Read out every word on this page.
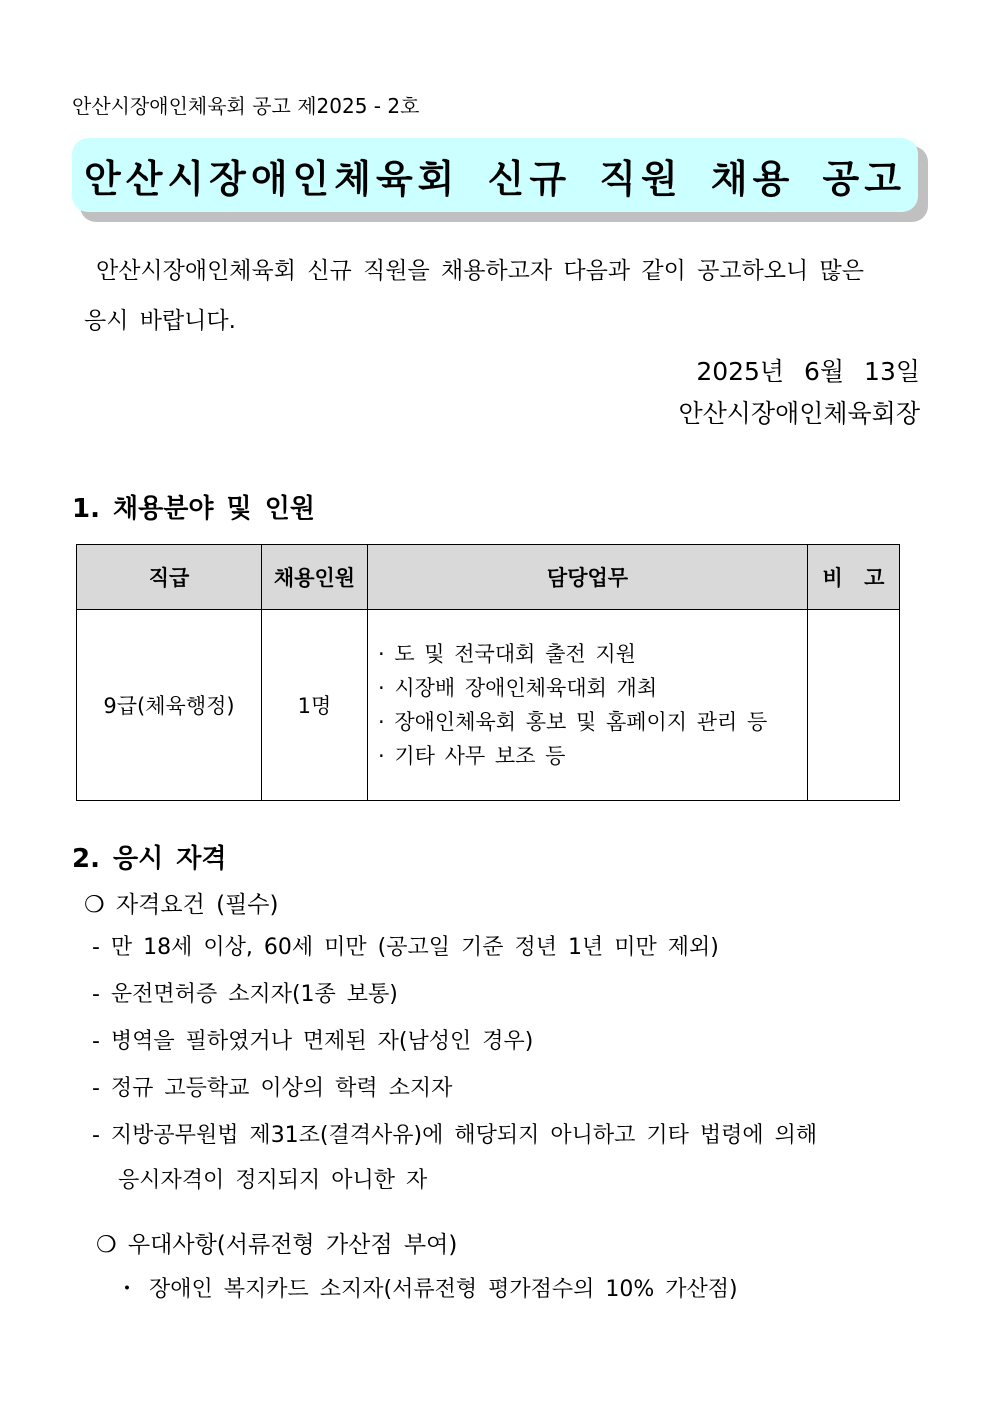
안산시장애인체육회 공고 제2025 - 2호
안산시장애인체육회 신규 직원 채용 공고
안산시장애인체육회 신규 직원을 채용하고자 다음과 같이 공고하오니 많은
응시 바랍니다.
2025년 6월 13일
안산시장애인체육회장
1. 채용분야 및 인원
직급	채용인원	담당업무	비 고
9급(체육행정)	1명	· 도 및 전국대회 출전 지원
· 시장배 장애인체육대회 개최
· 장애인체육회 홍보 및 홈페이지 관리 등
· 기타 사무 보조 등	

2. 응시 자격
❍ 자격요건 (필수)
- 만 18세 이상, 60세 미만 (공고일 기준 정년 1년 미만 제외)
- 운전면허증 소지자(1종 보통)
- 병역을 필하였거나 면제된 자(남성인 경우)
- 정규 고등학교 이상의 학력 소지자
- 지방공무원법 제31조(결격사유)에 해당되지 아니하고 기타 법령에 의해
응시자격이 정지되지 아니한 자
❍ 우대사항(서류전형 가산점 부여)
・ 장애인 복지카드 소지자(서류전형 평가점수의 10% 가산점)
